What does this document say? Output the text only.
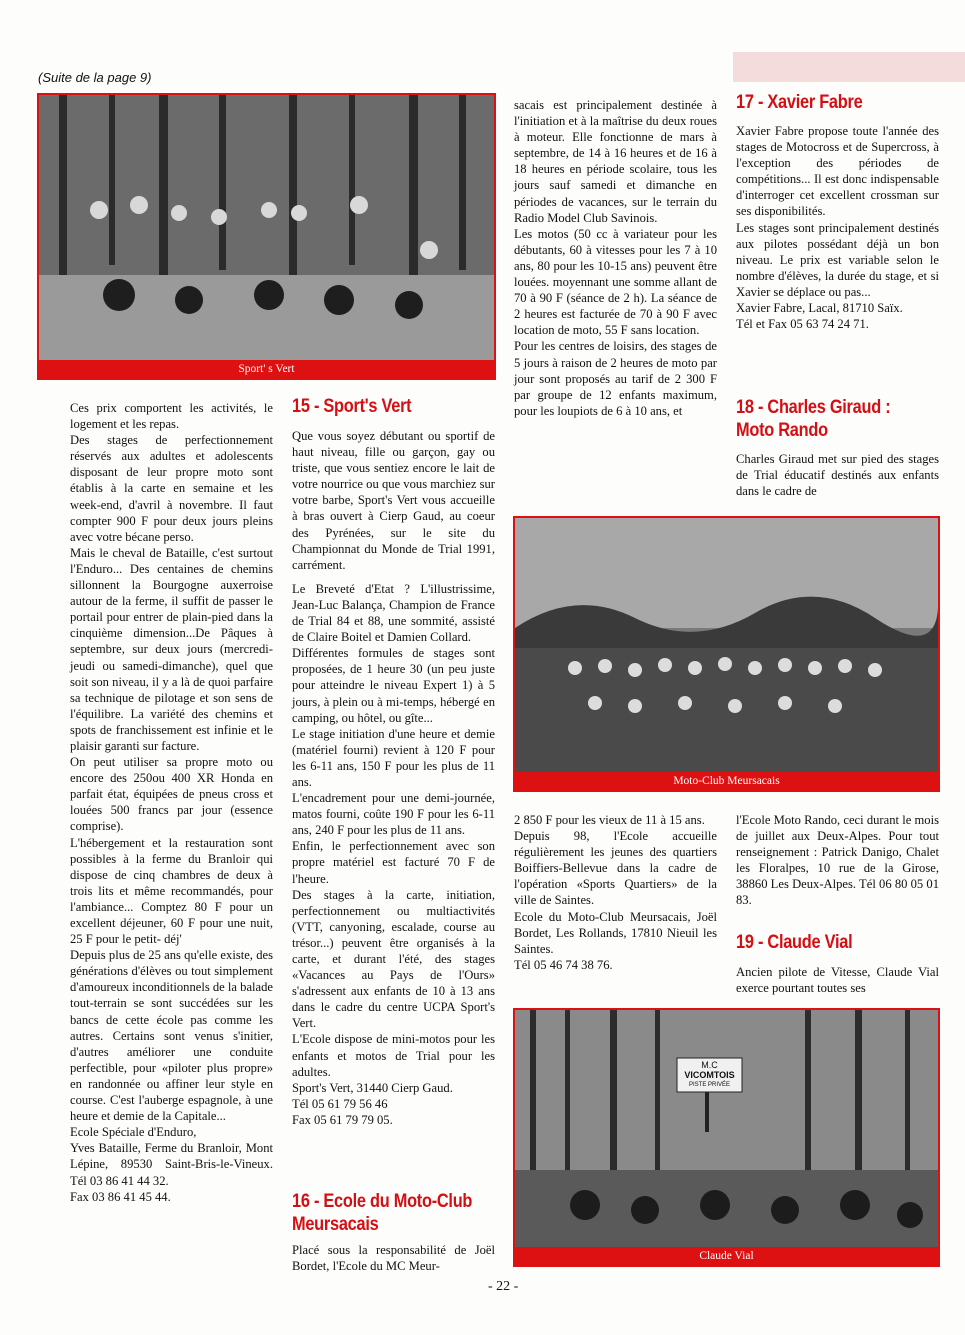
(Suite de la page 9)
Sport' s Vert

Ces prix comportent les activités, le logement et les repas.

Des stages de perfectionnement réservés aux adultes et adolescents disposant de leur propre moto sont établis à la carte en semaine et les week-end, d'avril à novembre. Il faut compter 900 F pour deux jours pleins avec votre bécane perso.

Mais le cheval de Bataille, c'est surtout l'Enduro... Des centaines de chemins sillonnent la Bourgogne auxerroise autour de la ferme, il suffit de passer le portail pour entrer de plain-pied dans la cinquième dimension...De Pâques à septembre, sur deux jours (mercredi-jeudi ou samedi-dimanche), quel que soit son niveau, il y a là de quoi parfaire sa technique de pilotage et son sens de l'équilibre. La variété des chemins et spots de franchissement est infinie et le plaisir garanti sur facture.

On peut utiliser sa propre moto ou encore des 250ou 400 XR Honda en parfait état, équipées de pneus cross et louées 500 francs par jour (essence comprise).

L'hébergement et la restauration sont possibles à la ferme du Branloir qui dispose de cinq chambres de deux à trois lits et même recommandés, pour l'ambiance... Comptez 80 F pour un excellent déjeuner, 60 F pour une nuit, 25 F pour le petit- déj'

Depuis plus de 25 ans qu'elle existe, des générations d'élèves ou tout simplement d'amoureux inconditionnels de la balade tout-terrain se sont succédées sur les bancs de cette école pas comme les autres. Certains sont venus s'initier, d'autres améliorer une conduite perfectible, pour «piloter plus propre» en randonnée ou affiner leur style en course. C'est l'auberge espagnole, à une heure et demie de la Capitale...

Ecole Spéciale d'Enduro,

Yves Bataille, Ferme du Branloir, Mont Lépine, 89530 Saint-Bris-le-Vineux. Tél 03 86 41 44 32.

Fax 03 86 41 45 44.

15 - Sport's Vert

Que vous soyez débutant ou sportif de haut niveau, fille ou garçon, gay ou triste, que vous sentiez encore le lait de votre nourrice ou que vous marchiez sur votre barbe, Sport's Vert vous accueille à bras ouvert à Cierp Gaud, au coeur des Pyrénées, sur le site du Championnat du Monde de Trial 1991, carrément.

Le Breveté d'Etat ? L'illustrissime, Jean-Luc Balança, Champion de France de Trial 84 et 88, une sommité, assisté de Claire Boitel et Damien Collard.

Différentes formules de stages sont proposées, de 1 heure 30 (un peu juste pour atteindre le niveau Expert 1) à 5 jours, à plein ou à mi-temps, hébergé en camping, ou hôtel, ou gîte...

Le stage initiation d'une heure et demie (matériel fourni) revient à 120 F pour les 6-11 ans, 150 F pour les plus de 11 ans.

L'encadrement pour une demi-journée, matos fourni, coûte 190 F pour les 6-11 ans, 240 F pour les plus de 11 ans.

Enfin, le perfectionnement avec son propre matériel est facturé 70 F de l'heure.

Des stages à la carte, initiation, perfectionnement ou multiactivités (VTT, canyoning, escalade, course au trésor...) peuvent être organisés à la carte, et durant l'été, des stages «Vacances au Pays de l'Ours» s'adressent aux enfants de 10 à 13 ans dans le cadre du centre UCPA Sport's Vert.

L'Ecole dispose de mini-motos pour les enfants et motos de Trial pour les adultes.

Sport's Vert, 31440 Cierp Gaud.

Tél 05 61 79 56 46

Fax 05 61 79 79 05.

16 - Ecole du Moto-Club
Meursacais

Placé sous la responsabilité de Joël Bordet, l'Ecole du MC Meur-

sacais est principalement destinée à l'initiation et à la maîtrise du deux roues à moteur. Elle fonctionne de mars à septembre, de 14 à 16 heures et de 16 à 18 heures en période scolaire, tous les jours sauf samedi et dimanche en périodes de vacances, sur le terrain du Radio Model Club Savinois.

Les motos (50 cc à variateur pour les débutants, 60 à vitesses pour les 7 à 10 ans, 80 pour les 10-15 ans) peuvent être louées. moyennant une somme allant de 70 à 90 F (séance de 2 h). La séance de 2 heures est facturée de 70 à 90 F avec location de moto, 55 F sans location.

Pour les centres de loisirs, des stages de 5 jours à raison de 2 heures de moto par jour sont proposés au tarif de 2 300 F par groupe de 12 enfants maximum, pour les loupiots de 6 à 10 ans, et

Moto-Club Meursacais

2 850 F pour les vieux de 11 à 15 ans.

Depuis 98, l'Ecole accueille régulièrement les jeunes des quartiers Boiffiers-Bellevue dans la cadre de l'opération «Sports Quartiers» de la ville de Saintes.

Ecole du Moto-Club Meursacais, Joël Bordet, Les Rollands, 17810 Nieuil les Saintes.

Tél 05 46 74 38 76.

17 - Xavier Fabre

Xavier Fabre propose toute l'année des stages de Motocross et de Supercross, à l'exception des périodes de compétitions... Il est donc indispensable d'interroger cet excellent crossman sur ses disponibilités.

Les stages sont principalement destinés aux pilotes possédant déjà un bon niveau. Le prix est variable selon le nombre d'élèves, la durée du stage, et si Xavier se déplace ou pas...

Xavier Fabre, Lacal, 81710 Saïx.

Tél et Fax 05 63 74 24 71.

18 - Charles Giraud :
Moto Rando

Charles Giraud met sur pied des stages de Trial éducatif destinés aux enfants dans le cadre de

l'Ecole Moto Rando, ceci durant le mois de juillet aux Deux-Alpes. Pour tout renseignement : Patrick Danigo, Chalet les Floralpes, 10 rue de la Girose, 38860 Les Deux-Alpes. Tél 06 80 05 01 83.

19 - Claude Vial

Ancien pilote de Vitesse, Claude Vial exerce pourtant toutes ses

M.C
VICOMTOIS
PISTE PRIVÉE
Claude Vial
- 22 -
